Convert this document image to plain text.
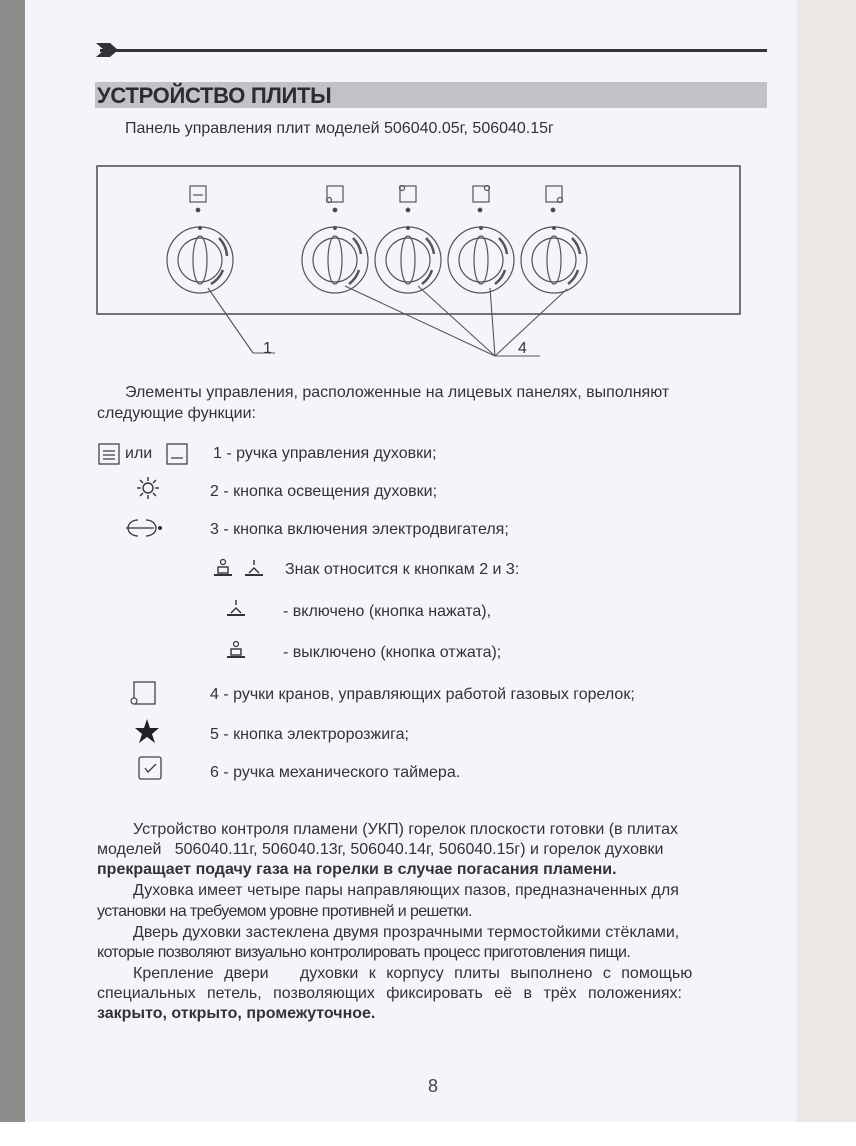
УСТРОЙСТВО ПЛИТЫ
Панель управления плит моделей 506040.05г, 506040.15г
1	4
Элементы управления, расположенные на лицевых панелях, выполняют
следующие функции:
или	1 - ручка управления духовки;
2 - кнопка освещения духовки;
3 - кнопка включения электродвигателя;
Знак относится к кнопкам 2 и 3:
- включено (кнопка нажата),
- выключено (кнопка отжата);
4 - ручки кранов, управляющих работой газовых горелок;
5 - кнопка электророзжига;
6 - ручка механического таймера.
Устройство контроля пламени (УКП) горелок плоскости готовки (в плитах
моделей   506040.11г, 506040.13г, 506040.14г, 506040.15г) и горелок духовки
прекращает подачу газа на горелки в случае погасания пламени.
Духовка имеет четыре пары направляющих пазов, предназначенных для
установки на требуемом уровне противней и решетки.
Дверь духовки застеклена двумя прозрачными термостойкими стёклами,
которые позволяют визуально контролировать процесс приготовления пищи.
Крепление двери   духовки к корпусу плиты выполнено с помощью
специальных петель, позволяющих фиксировать её в трёх положениях:
закрыто, открыто, промежуточное.
8
